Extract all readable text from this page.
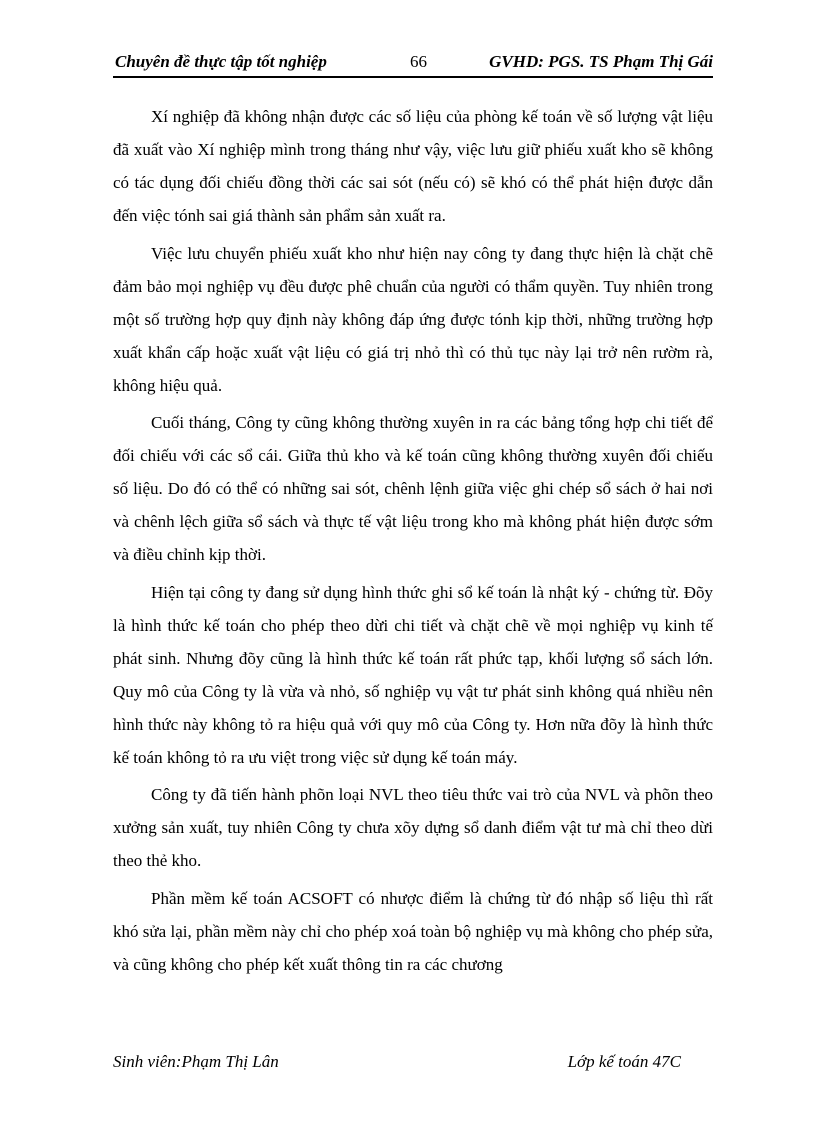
Chuyên đề thực tập tốt nghiệp	66	GVHD: PGS. TS Phạm Thị Gái

Xí nghiệp đã không nhận được các số liệu của phòng kế toán về số lượng vật liệu đã xuất vào Xí nghiệp mình trong tháng như vậy, việc lưu giữ phiếu xuất kho sẽ không có tác dụng đối chiếu đồng thời các sai sót (nếu có) sẽ khó có thể phát hiện được dẫn đến việc tónh sai giá thành sản phẩm sản xuất ra.

Việc lưu chuyển phiếu xuất kho như hiện nay công ty đang thực hiện là chặt chẽ đảm bảo mọi nghiệp vụ đều được phê chuẩn của người có thẩm quyền. Tuy nhiên trong một số trường hợp quy định này không đáp ứng được tónh kịp thời, những trường hợp xuất khẩn cấp hoặc xuất vật liệu có giá trị nhỏ thì có thủ tục này lại trở nên rườm rà, không hiệu quả.

Cuối tháng, Công ty cũng không thường xuyên in ra các bảng tổng hợp chi tiết để đối chiếu với các sổ cái. Giữa thủ kho và kế toán cũng không thường xuyên đối chiếu số liệu. Do đó có thể có những sai sót, chênh lệnh giữa việc ghi chép sổ sách ở hai nơi và chênh lệch giữa sổ sách và thực tế vật liệu trong kho mà không phát hiện được sớm và điều chỉnh kịp thời.

Hiện tại công ty đang sử dụng hình thức ghi sổ kế toán là nhật ký - chứng từ. Đõy là hình thức kế toán cho phép theo dừi chi tiết và chặt chẽ về mọi nghiệp vụ kinh tế phát sinh. Nhưng đõy cũng là hình thức kế toán rất phức tạp, khối lượng sổ sách lớn. Quy mô của Công ty là vừa và nhỏ, số nghiệp vụ vật tư phát sinh không quá nhiều nên hình thức này không tỏ ra hiệu quả với quy mô của Công ty. Hơn nữa đõy là hình thức kế toán không tỏ ra ưu việt trong việc sử dụng kế toán máy.

Công ty đã tiến hành phõn loại NVL theo tiêu thức vai trò của NVL và phõn theo xưởng sản xuất, tuy nhiên Công ty chưa xõy dựng sổ danh điểm vật tư mà chỉ theo dừi theo thẻ kho.

Phần mềm kế toán ACSOFT có nhược điểm là chứng từ đó nhập số liệu thì rất khó sửa lại, phần mềm này chỉ cho phép xoá toàn bộ nghiệp vụ mà không cho phép sửa, và cũng không cho phép kết xuất thông tin ra các chương

Sinh viên:Phạm Thị Lân	Lớp kế toán 47C
